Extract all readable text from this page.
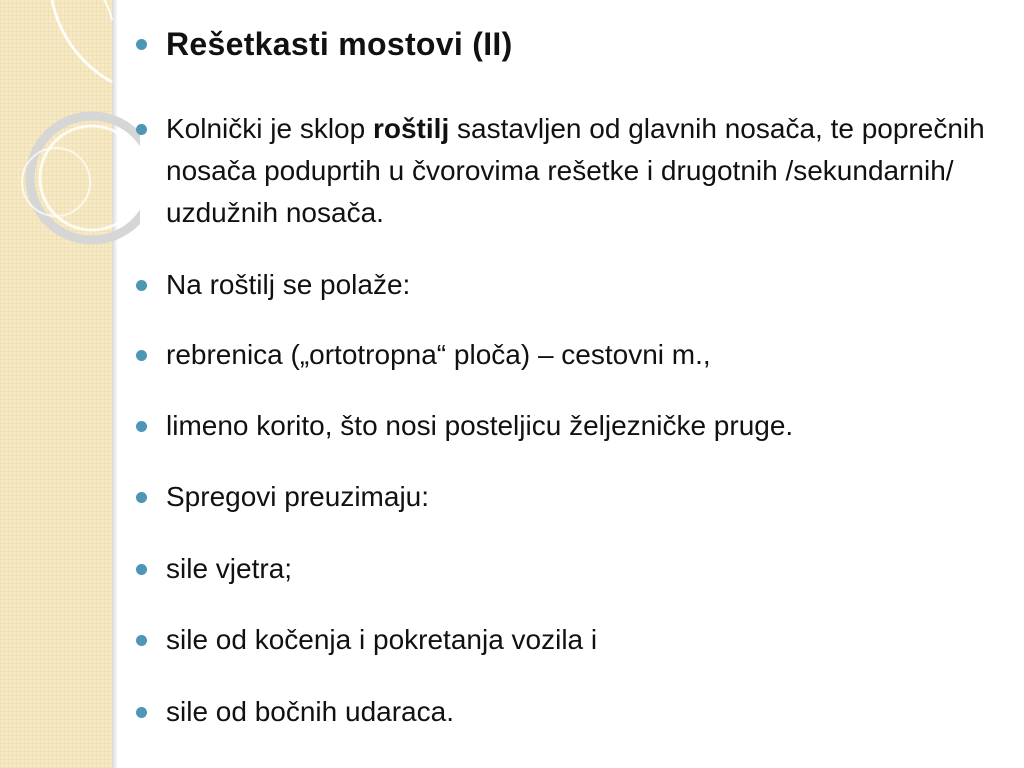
Rešetkasti mostovi (II)
Kolnički je sklop roštilj sastavljen od glavnih nosača, te poprečnih nosača poduprtih u čvorovima rešetke i drugotnih /sekundarnih/ uzdužnih nosača.
Na roštilj se polaže:
rebrenica („ortotropna“ ploča) – cestovni m.,
limeno korito, što nosi posteljicu željezničke pruge.
Spregovi preuzimaju:
sile vjetra;
sile od kočenja i pokretanja vozila i
sile od bočnih udaraca.
